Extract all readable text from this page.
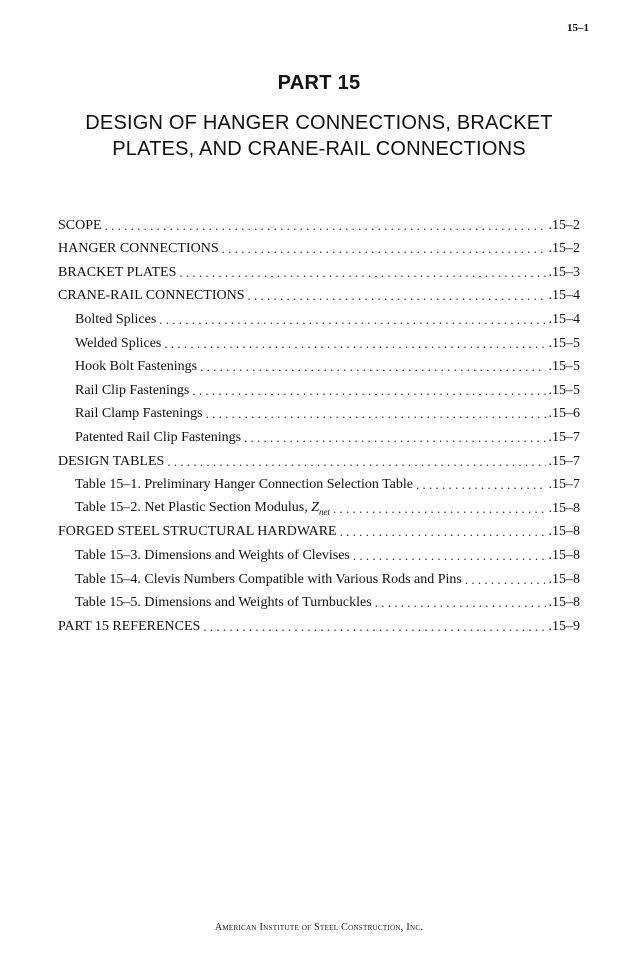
15–1
PART 15
DESIGN OF HANGER CONNECTIONS, BRACKET PLATES, AND CRANE-RAIL CONNECTIONS
SCOPE . . .	.15–2
HANGER CONNECTIONS . . .	.15–2
BRACKET PLATES . . .	.15–3
CRANE-RAIL CONNECTIONS . . .	.15–4
Bolted Splices . . .	.15–4
Welded Splices . . .	.15–5
Hook Bolt Fastenings . . .	.15–5
Rail Clip Fastenings . . .	.15–5
Rail Clamp Fastenings . . .	.15–6
Patented Rail Clip Fastenings . . .	.15–7
DESIGN TABLES . . .	.15–7
Table 15–1. Preliminary Hanger Connection Selection Table . . .	.15–7
Table 15–2. Net Plastic Section Modulus, $Z_{net}$ . . .	.15–8
FORGED STEEL STRUCTURAL HARDWARE . . .	.15–8
Table 15–3. Dimensions and Weights of Clevises . . .	.15–8
Table 15–4. Clevis Numbers Compatible with Various Rods and Pins . . .	.15–8
Table 15–5. Dimensions and Weights of Turnbuckles . . .	.15–8
PART 15 REFERENCES . . .	.15–9
American Institute of Steel Construction, Inc.
